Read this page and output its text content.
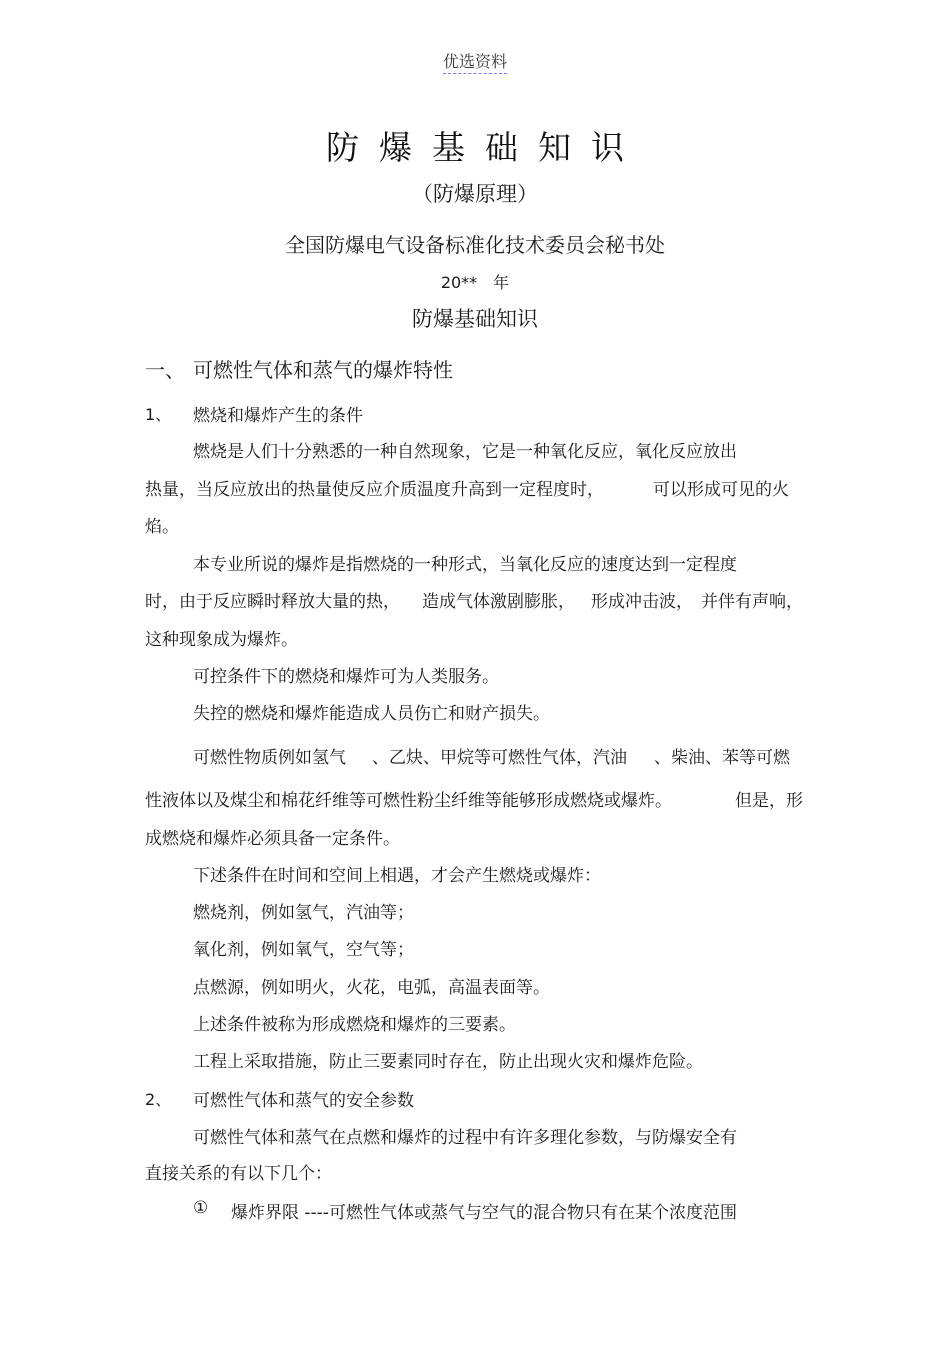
优选资料
防爆基础知识
（防爆原理）
全国防爆电气设备标准化技术委员会秘书处
20**　年
防爆基础知识
一、 可燃性气体和蒸气的爆炸特性
1、 燃烧和爆炸产生的条件
燃烧是人们十分熟悉的一种自然现象，它是一种氧化反应，氧化反应放出
热量，当反应放出的热量使反应介质温度升高到一定程度时，	可以形成可见的火
焰。
本专业所说的爆炸是指燃烧的一种形式，当氧化反应的速度达到一定程度
时，由于反应瞬时释放大量的热， 造成气体激剧膨胀， 形成冲击波， 并伴有声响，
这种现象成为爆炸。
可控条件下的燃烧和爆炸可为人类服务。
失控的燃烧和爆炸能造成人员伤亡和财产损失。
可燃性物质例如氢气 、乙炔、甲烷等可燃性气体，汽油 、柴油、苯等可燃
性液体以及煤尘和棉花纤维等可燃性粉尘纤维等能够形成燃烧或爆炸。	但是，形
成燃烧和爆炸必须具备一定条件。
下述条件在时间和空间上相遇，才会产生燃烧或爆炸：
燃烧剂，例如氢气，汽油等；
氧化剂，例如氧气，空气等；
点燃源，例如明火，火花，电弧，高温表面等。
上述条件被称为形成燃烧和爆炸的三要素。
工程上采取措施，防止三要素同时存在，防止出现火灾和爆炸危险。
2、 可燃性气体和蒸气的安全参数
可燃性气体和蒸气在点燃和爆炸的过程中有许多理化参数，与防爆安全有
直接关系的有以下几个：
① 爆炸界限 ----可燃性气体或蒸气与空气的混合物只有在某个浓度范围
